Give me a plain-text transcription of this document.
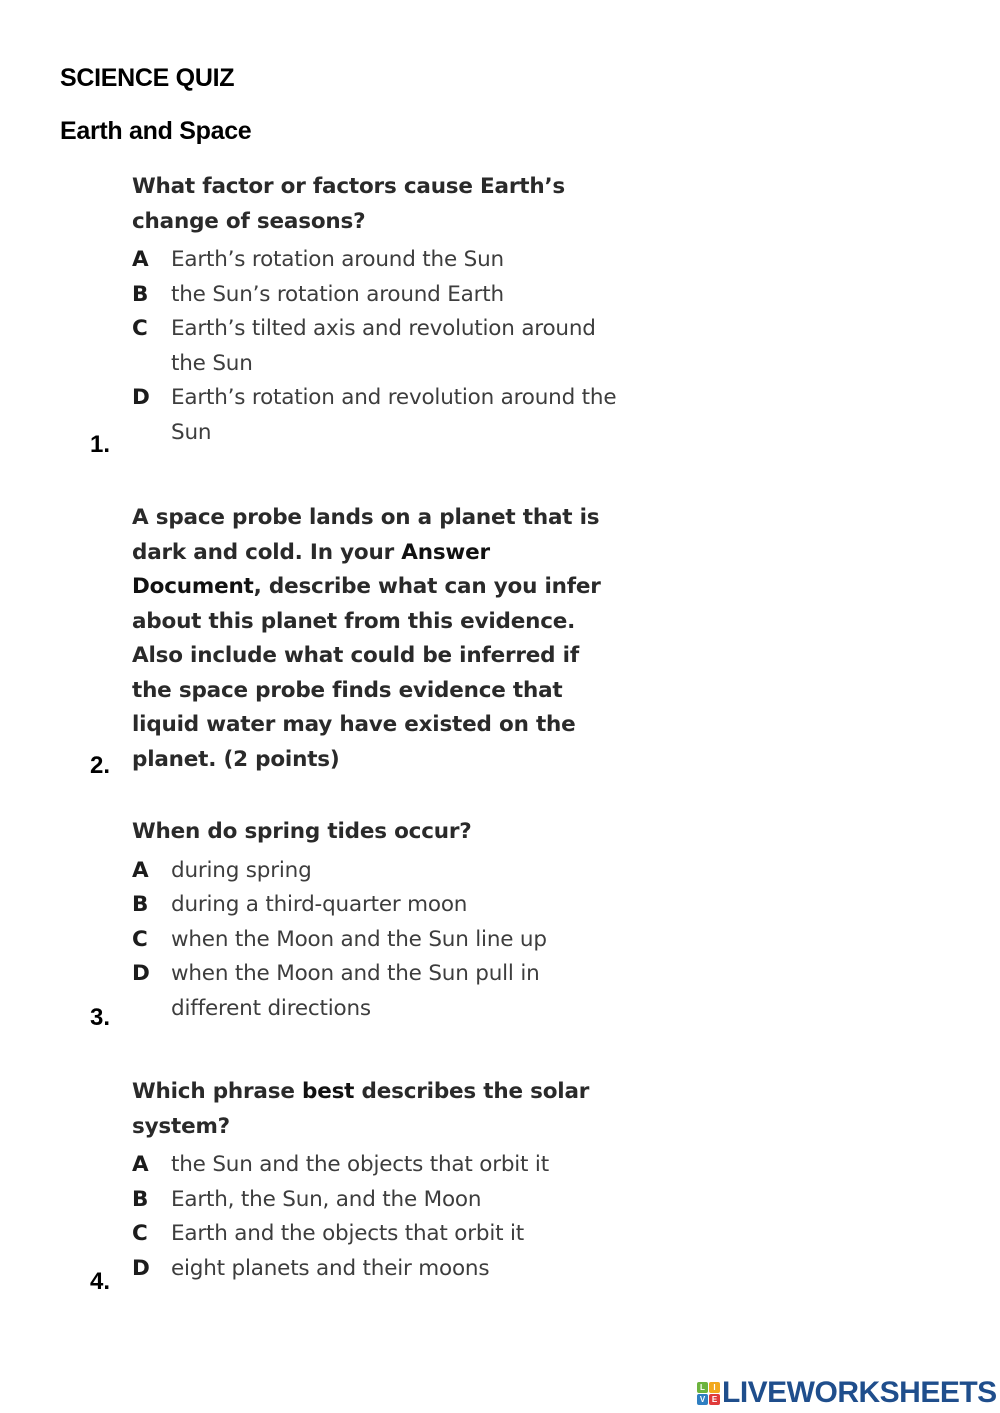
SCIENCE QUIZ
Earth and Space
What factor or factors cause Earth’s
change of seasons?
A	Earth’s rotation around the Sun
B	the Sun’s rotation around Earth
C	Earth’s tilted axis and revolution around the Sun
D Earth’s rotation and revolution around the Sun
1.
A space probe lands on a planet that is dark and cold. In your Answer Document, describe what can you infer about this planet from this evidence. Also include what could be inferred if the space probe finds evidence that liquid water may have existed on the planet. (2 points)
2.
When do spring tides occur?
A	during spring
B	during a third-quarter moon
C	when the Moon and the Sun line up
D when the Moon and the Sun pull in different directions
3.
Which phrase best describes the solar system?
A	the Sun and the objects that orbit it
B	Earth, the Sun, and the Moon
C	Earth and the objects that orbit it
D eight planets and their moons
4.
L	I
V E LIVEWORKSHEETS
